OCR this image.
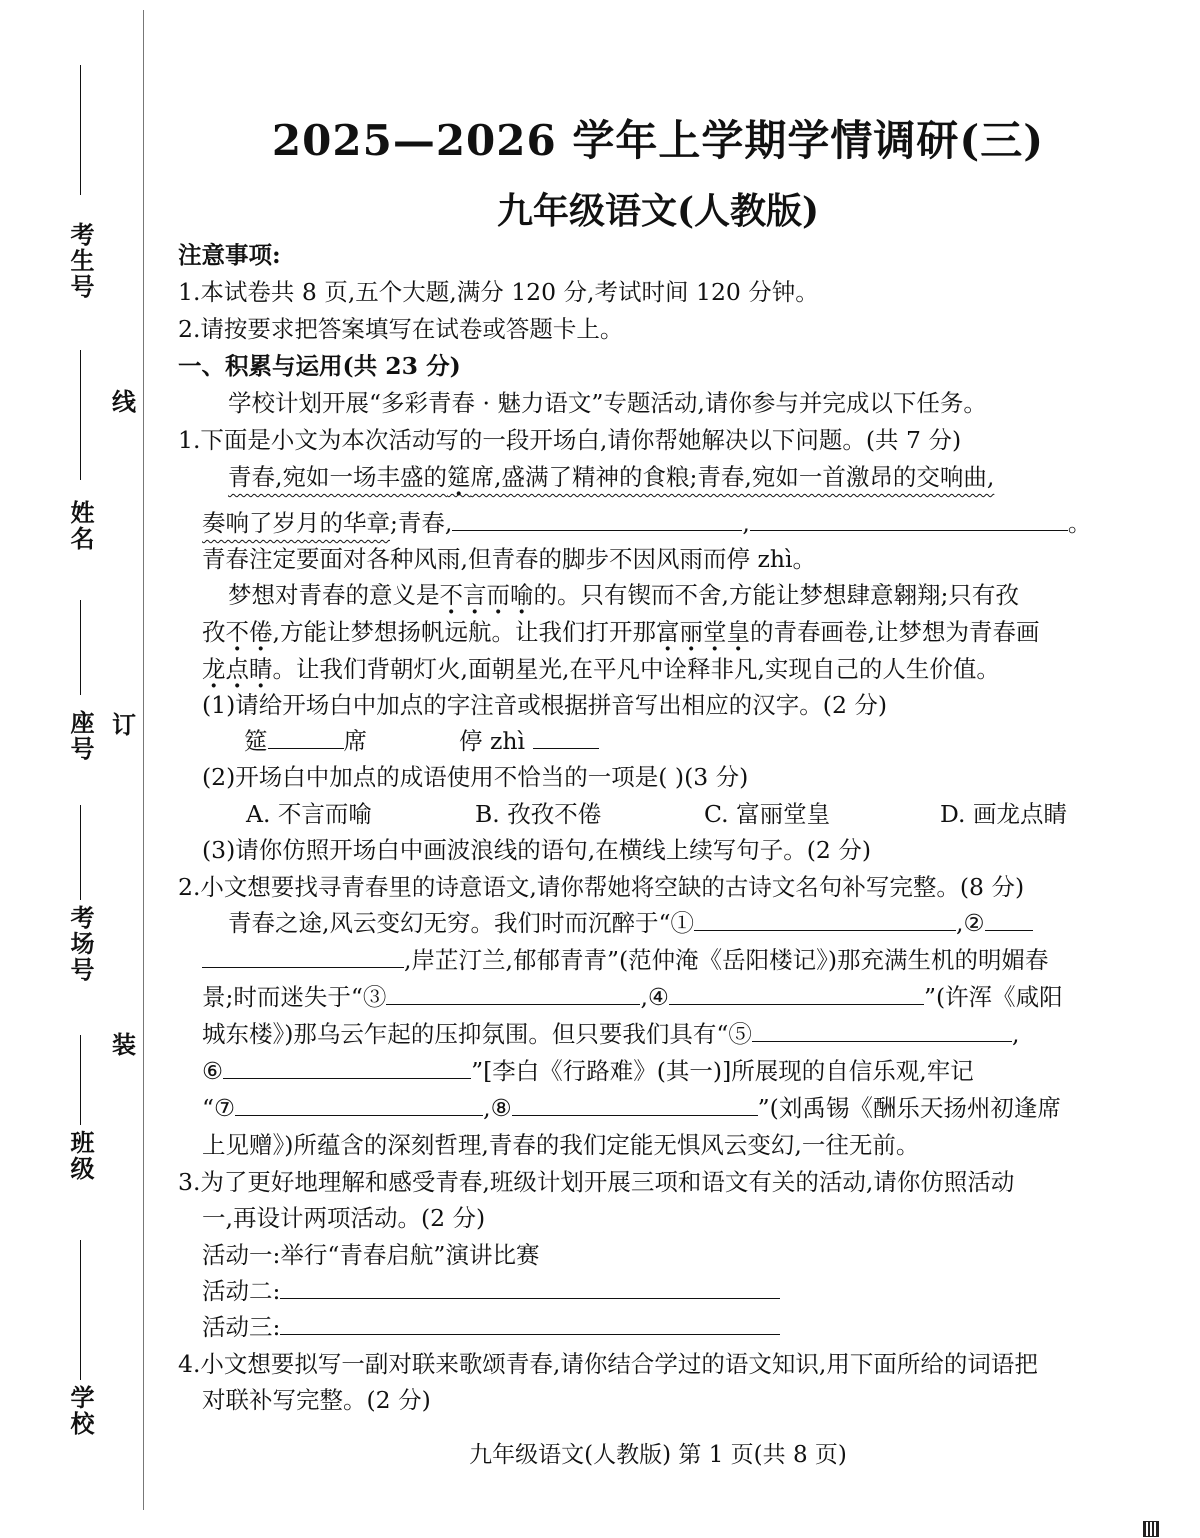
考生号
姓名
座号
考场号
班级
学校
线
订
装
2025—2026 学年上学期学情调研(三)
九年级语文(人教版)
注意事项:
1.本试卷共 8 页,五个大题,满分 120 分,考试时间 120 分钟。
2.请按要求把答案填写在试卷或答题卡上。
一、积累与运用(共 23 分)
学校计划开展“多彩青春 · 魅力语文”专题活动,请你参与并完成以下任务。
1.下面是小文为本次活动写的一段开场白,请你帮她解决以下问题。(共 7 分)
青春,宛如一场丰盛的筵席,盛满了精神的食粮;青春,宛如一首激昂的交响曲,
奏响了岁月的华章;青春,	,	。
青春注定要面对各种风雨,但青春的脚步不因风雨而停 zhì。
梦想对青春的意义是不言而喻的。只有锲而不舍,方能让梦想肆意翱翔;只有孜
孜不倦,方能让梦想扬帆远航。让我们打开那富丽堂皇的青春画卷,让梦想为青春画
龙点睛。让我们背朝灯火,面朝星光,在平凡中诠释非凡,实现自己的人生价值。
(1)请给开场白中加点的字注音或根据拼音写出相应的汉字。(2 分)
筵	席	停 zhì
(2)开场白中加点的成语使用不恰当的一项是( )(3 分)
A. 不言而喻	B. 孜孜不倦	C. 富丽堂皇	D. 画龙点睛
(3)请你仿照开场白中画波浪线的语句,在横线上续写句子。(2 分)
2.小文想要找寻青春里的诗意语文,请你帮她将空缺的古诗文名句补写完整。(8 分)
青春之途,风云变幻无穷。我们时而沉醉于“①	,②
,岸芷汀兰,郁郁青青”(范仲淹《岳阳楼记》)那充满生机的明媚春
景;时而迷失于“③	,④	”(许浑《咸阳
城东楼》)那乌云乍起的压抑氛围。但只要我们具有“⑤	,
⑥	”[李白《行路难》(其一)]所展现的自信乐观,牢记
“⑦	,⑧	”(刘禹锡《酬乐天扬州初逢席
上见赠》)所蕴含的深刻哲理,青春的我们定能无惧风云变幻,一往无前。
3.为了更好地理解和感受青春,班级计划开展三项和语文有关的活动,请你仿照活动
一,再设计两项活动。(2 分)
活动一:举行“青春启航”演讲比赛
活动二:
活动三:
4.小文想要拟写一副对联来歌颂青春,请你结合学过的语文知识,用下面所给的词语把
对联补写完整。(2 分)
九年级语文(人教版) 第 1 页(共 8 页)
